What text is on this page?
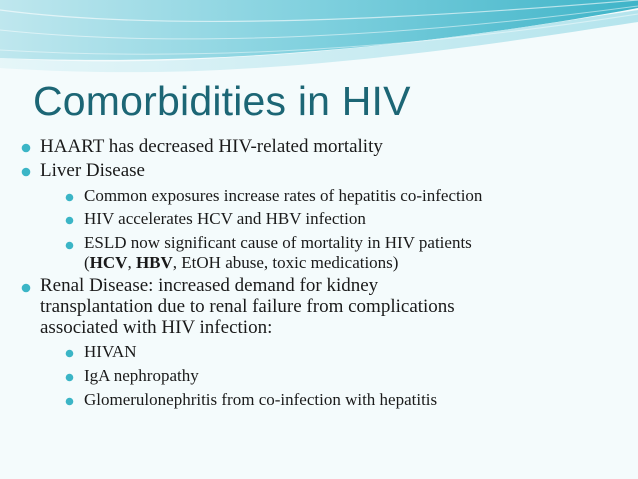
Comorbidities in HIV
HAART has decreased HIV-related mortality
Liver Disease
Common exposures increase rates of hepatitis co-infection
HIV accelerates HCV and HBV infection
ESLD now significant cause of mortality in HIV patients
(HCV, HBV, EtOH abuse, toxic medications)
Renal Disease: increased demand for kidney
transplantation due to renal failure from complications
associated with HIV infection:
HIVAN
IgA nephropathy
Glomerulonephritis from co-infection with hepatitis
